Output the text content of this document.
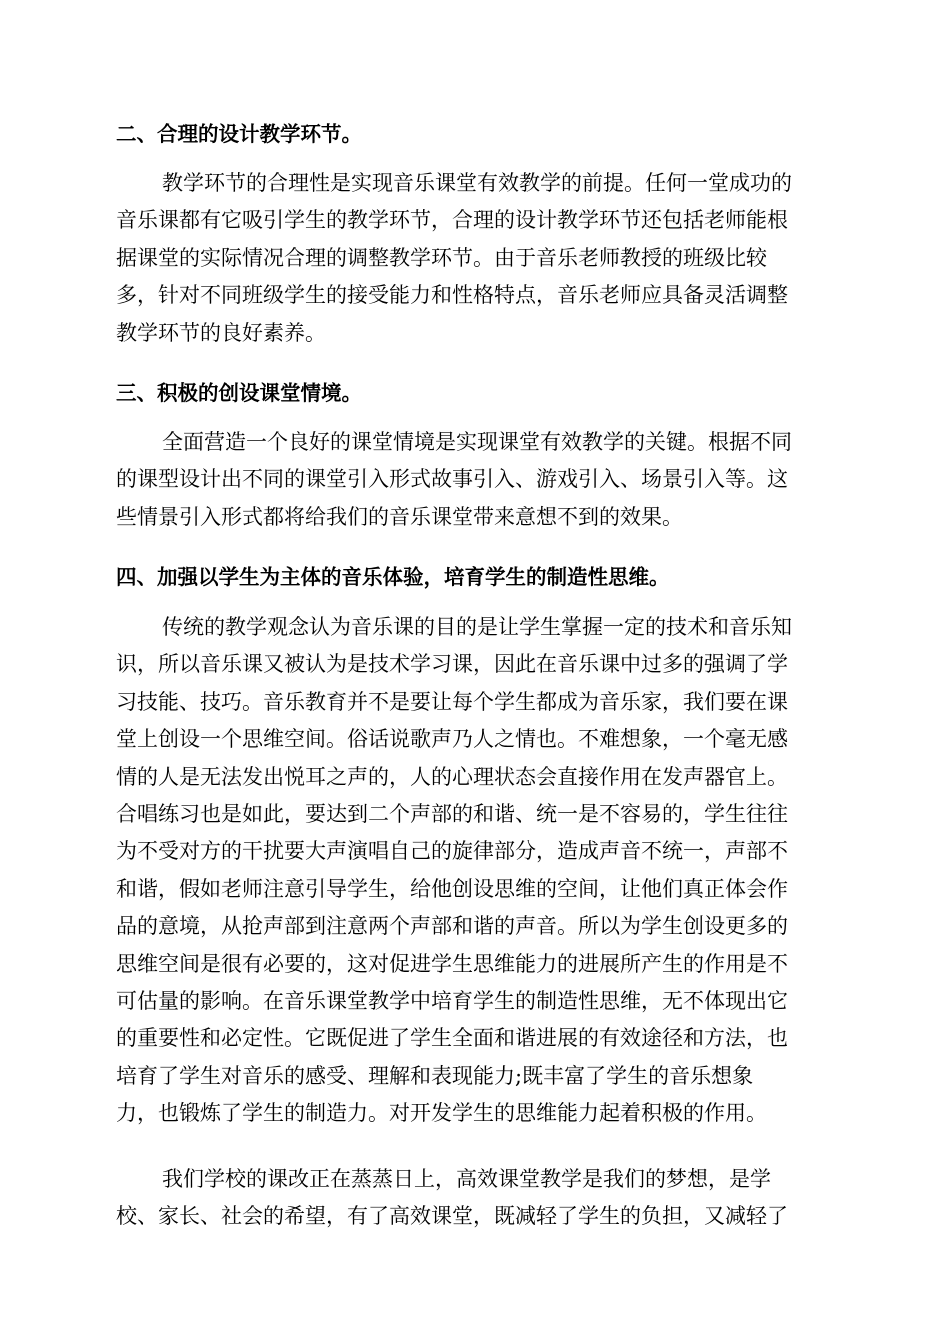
二、合理的设计教学环节。
教学环节的合理性是实现音乐课堂有效教学的前提。任何一堂成功的
音乐课都有它吸引学生的教学环节，合理的设计教学环节还包括老师能根
据课堂的实际情况合理的调整教学环节。由于音乐老师教授的班级比较
多，针对不同班级学生的接受能力和性格特点，音乐老师应具备灵活调整
教学环节的良好素养。
三、积极的创设课堂情境。
全面营造一个良好的课堂情境是实现课堂有效教学的关键。根据不同
的课型设计出不同的课堂引入形式故事引入、游戏引入、场景引入等。这
些情景引入形式都将给我们的音乐课堂带来意想不到的效果。
四、加强以学生为主体的音乐体验，培育学生的制造性思维。
传统的教学观念认为音乐课的目的是让学生掌握一定的技术和音乐知
识，所以音乐课又被认为是技术学习课，因此在音乐课中过多的强调了学
习技能、技巧。音乐教育并不是要让每个学生都成为音乐家，我们要在课
堂上创设一个思维空间。俗话说歌声乃人之情也。不难想象，一个毫无感
情的人是无法发出悦耳之声的，人的心理状态会直接作用在发声器官上。
合唱练习也是如此，要达到二个声部的和谐、统一是不容易的，学生往往
为不受对方的干扰要大声演唱自己的旋律部分，造成声音不统一，声部不
和谐，假如老师注意引导学生，给他创设思维的空间，让他们真正体会作
品的意境，从抢声部到注意两个声部和谐的声音。所以为学生创设更多的
思维空间是很有必要的，这对促进学生思维能力的进展所产生的作用是不
可估量的影响。在音乐课堂教学中培育学生的制造性思维，无不体现出它
的重要性和必定性。它既促进了学生全面和谐进展的有效途径和方法，也
培育了学生对音乐的感受、理解和表现能力;既丰富了学生的音乐想象
力，也锻炼了学生的制造力。对开发学生的思维能力起着积极的作用。
我们学校的课改正在蒸蒸日上，高效课堂教学是我们的梦想，是学
校、家长、社会的希望，有了高效课堂，既减轻了学生的负担，又减轻了
